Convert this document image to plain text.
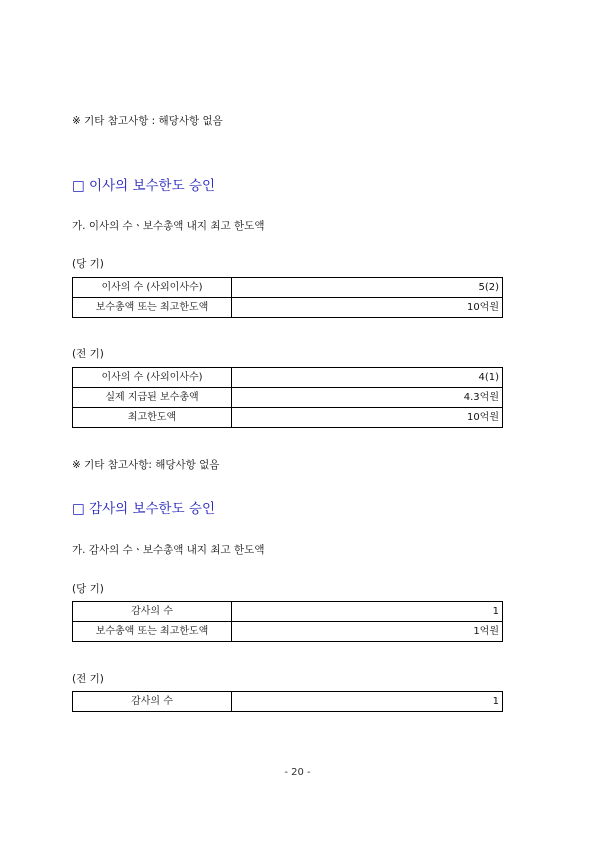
※ 기타 참고사항 : 해당사항 없음
□ 이사의 보수한도 승인
가. 이사의 수ㆍ보수총액 내지 최고 한도액
(당 기)
이사의 수 (사외이사수)	5(2)
보수총액 또는 최고한도액	10억원
(전 기)
이사의 수 (사외이사수)	4(1)
실제 지급된 보수총액	4.3억원
최고한도액	10억원
※ 기타 참고사항: 해당사항 없음
□ 감사의 보수한도 승인
가. 감사의 수ㆍ보수총액 내지 최고 한도액
(당 기)
감사의 수	1
보수총액 또는 최고한도액	1억원
(전 기)
감사의 수	1
- 20 -
